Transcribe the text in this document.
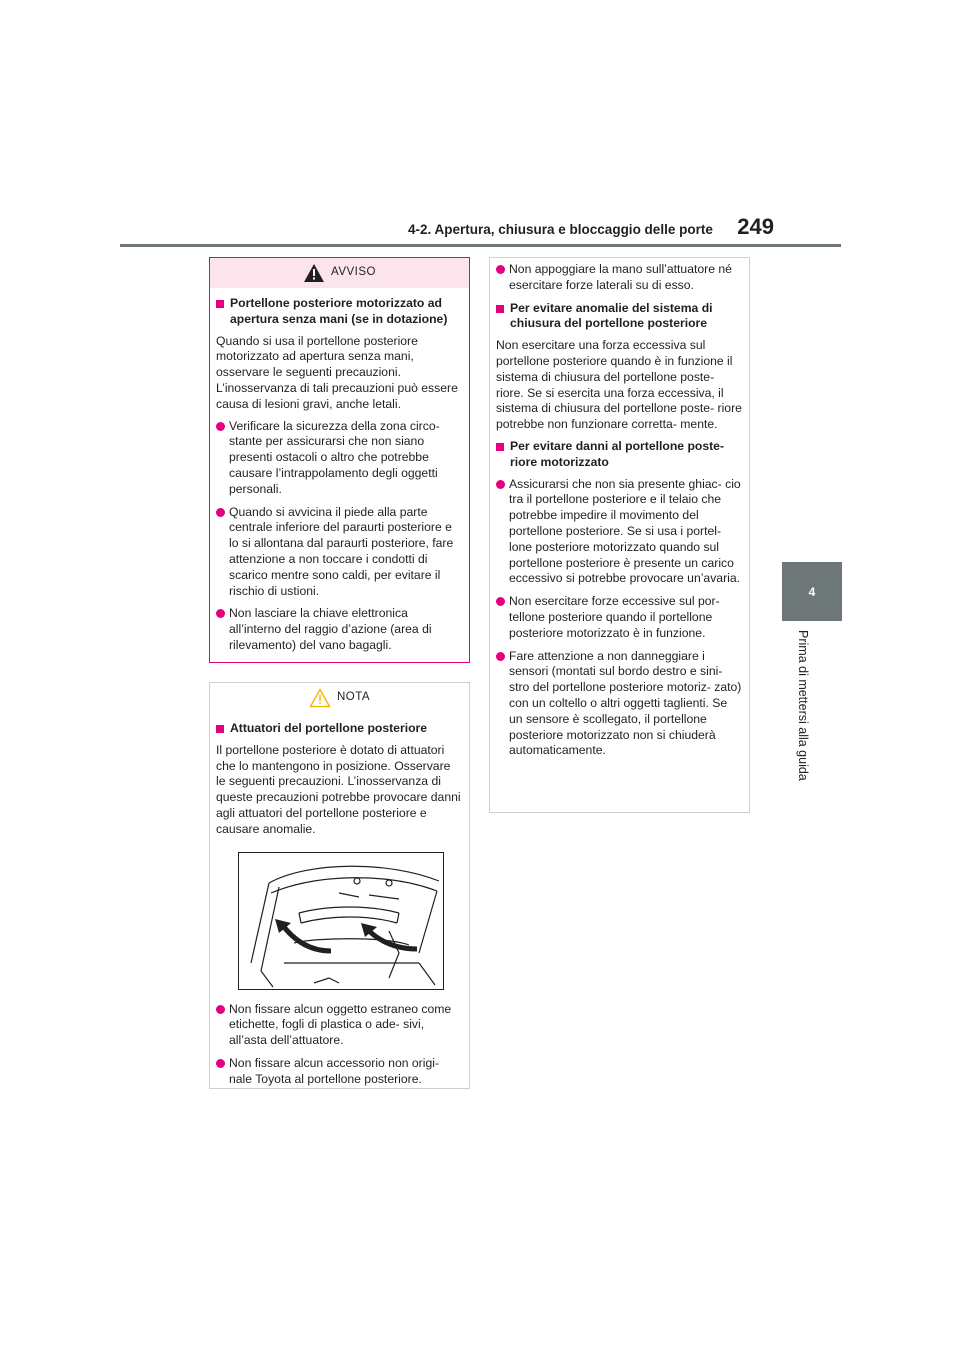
4-2. Apertura, chiusura e bloccaggio delle porte 249
4
Prima di mettersi alla guida
AVVISO
Portellone posteriore motorizzato ad apertura senza mani (se in dotazione)

Quando si usa il portellone posteriore motorizzato ad apertura senza mani, osservare le seguenti precauzioni. L’inosservanza di tali precauzioni può essere causa di lesioni gravi, anche letali.

Verificare la sicurezza della zona circo- stante per assicurarsi che non siano presenti ostacoli o altro che potrebbe causare l’intrappolamento degli oggetti personali.
Quando si avvicina il piede alla parte centrale inferiore del paraurti posteriore e lo si allontana dal paraurti posteriore, fare attenzione a non toccare i condotti di scarico mentre sono caldi, per evitare il rischio di ustioni.
Non lasciare la chiave elettronica all’interno del raggio d’azione (area di rilevamento) del vano bagagli.
NOTA
Attuatori del portellone posteriore

Il portellone posteriore è dotato di attuatori che lo mantengono in posizione. Osservare le seguenti precauzioni. L’inosservanza di queste precauzioni potrebbe provocare danni agli attuatori del portellone posteriore e causare anomalie.

Non fissare alcun oggetto estraneo come etichette, fogli di plastica o ade- sivi, all’asta dell’attuatore.
Non fissare alcun accessorio non origi- nale Toyota al portellone posteriore.
Non appoggiare la mano sull’attuatore né esercitare forze laterali su di esso.
Per evitare anomalie del sistema di chiusura del portellone posteriore

Non esercitare una forza eccessiva sul portellone posteriore quando è in funzione il sistema di chiusura del portellone poste- riore. Se si esercita una forza eccessiva, il sistema di chiusura del portellone poste- riore potrebbe non funzionare corretta- mente.

Per evitare danni al portellone poste- riore motorizzato
Assicurarsi che non sia presente ghiac- cio tra il portellone posteriore e il telaio che potrebbe impedire il movimento del portellone posteriore. Se si usa i portel- lone posteriore motorizzato quando sul portellone posteriore è presente un carico eccessivo si potrebbe provocare un’avaria.
Non esercitare forze eccessive sul por- tellone posteriore quando il portellone posteriore motorizzato è in funzione.
Fare attenzione a non danneggiare i sensori (montati sul bordo destro e sini- stro del portellone posteriore motoriz- zato) con un coltello o altri oggetti taglienti. Se un sensore è scollegato, il portellone posteriore motorizzato non si chiuderà automaticamente.
